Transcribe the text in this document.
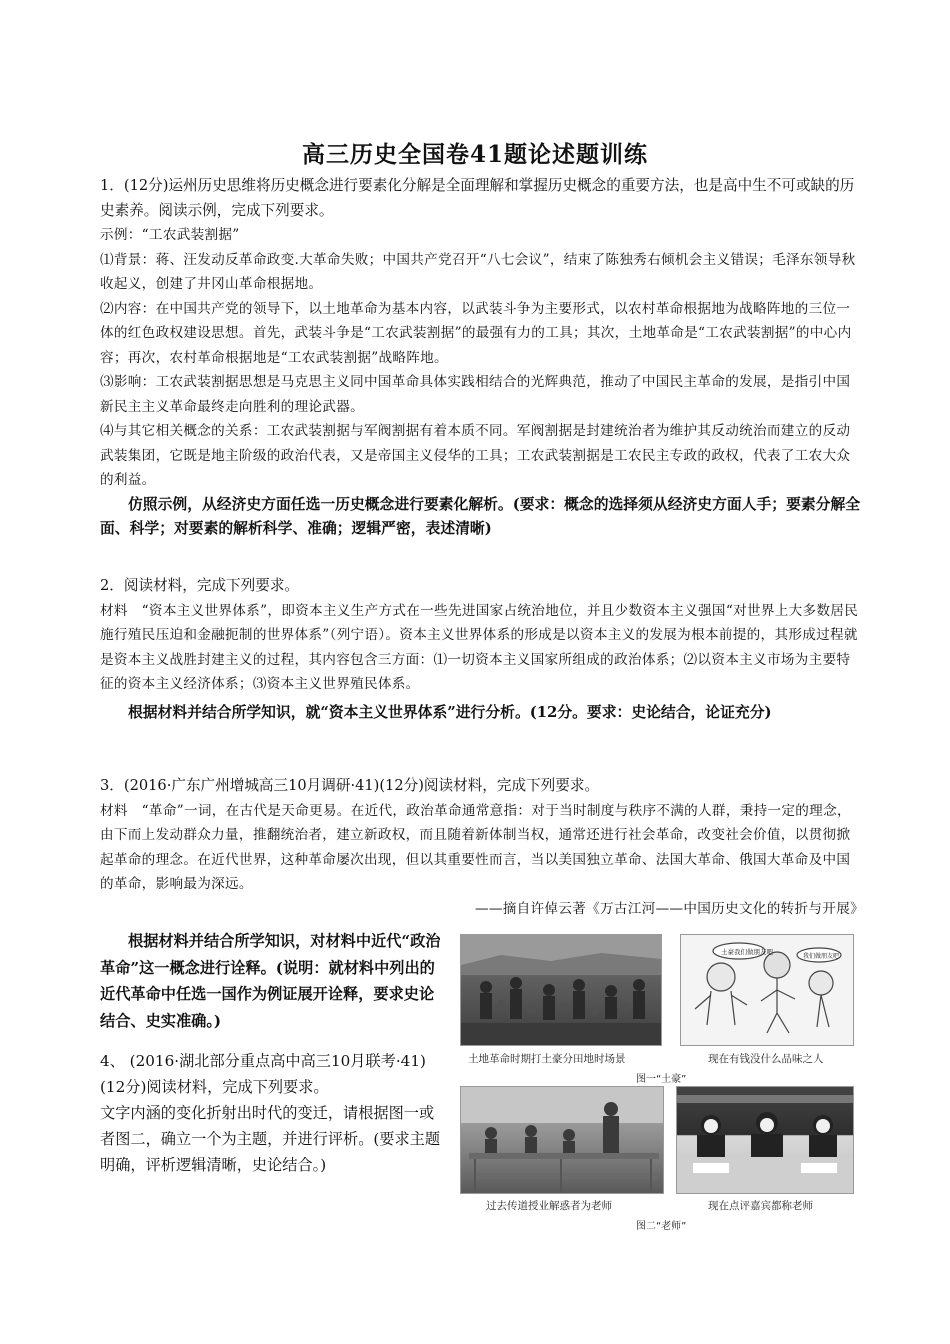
高三历史全国卷41题论述题训练

1．(12分)运州历史思维将历史概念进行要素化分解是全面理解和掌握历史概念的重要方法，也是高中生不可或缺的历史素养。阅读示例，完成下列要求。

示例：“工农武装割据”

⑴背景：蒋、汪发动反革命政变.大革命失败；中国共产党召开“八七会议”，结束了陈独秀右倾机会主义错误；毛泽东领导秋收起义，创建了井冈山革命根据地。

⑵内容：在中国共产党的领导下，以土地革命为基本内容，以武装斗争为主要形式，以农村革命根据地为战略阵地的三位一体的红色政权建设思想。首先，武装斗争是“工农武装割据”的最强有力的工具；其次，土地革命是“工农武装割据”的中心内容；再次，农村革命根据地是“工农武装割据”战略阵地。

⑶影响：工农武装割据思想是马克思主义同中国革命具体实践相结合的光辉典范，推动了中国民主革命的发展，是指引中国新民主主义革命最终走向胜利的理论武器。

⑷与其它相关概念的关系：工农武装割据与军阀割据有着本质不同。军阀割据是封建统治者为维护其反动统治而建立的反动武装集团，它既是地主阶级的政治代表，又是帝国主义侵华的工具；工农武装割据是工农民主专政的政权，代表了工农大众的利益。

仿照示例，从经济史方面任选一历史概念进行要素化解析。(要求：概念的选择须从经济史方面人手；要素分解全面、科学；对要素的解析科学、准确；逻辑严密，表述清晰)

2．阅读材料，完成下列要求。

材料　“资本主义世界体系”，即资本主义生产方式在一些先进国家占统治地位，并且少数资本主义强国“对世界上大多数居民施行殖民压迫和金融扼制的世界体系”（列宁语）。资本主义世界体系的形成是以资本主义的发展为根本前提的，其形成过程就是资本主义战胜封建主义的过程，其内容包含三方面：⑴一切资本主义国家所组成的政治体系；⑵以资本主义市场为主要特征的资本主义经济体系；⑶资本主义世界殖民体系。

根据材料并结合所学知识，就“资本主义世界体系”进行分析。(12分。要求：史论结合，论证充分)

3．(2016·广东广州增城高三10月调研·41)(12分)阅读材料，完成下列要求。

材料　“革命”一词，在古代是天命更易。在近代，政治革命通常意指：对于当时制度与秩序不满的人群，秉持一定的理念，由下而上发动群众力量，推翻统治者，建立新政权，而且随着新体制当权，通常还进行社会革命，改变社会价值，以贯彻掀起革命的理念。在近代世界，这种革命屡次出现，但以其重要性而言，当以美国独立革命、法国大革命、俄国大革命及中国的革命，影响最为深远。

——摘自许倬云著《万古江河——中国历史文化的转折与开展》

根据材料并结合所学知识，对材料中近代“政治革命”这一概念进行诠释。(说明：就材料中列出的近代革命中任选一国作为例证展开诠释，要求史论结合、史实准确。)

4、 (2016·湖北部分重点高中高三10月联考·41)(12分)阅读材料，完成下列要求。

文字内涵的变化折射出时代的变迁，请根据图一或者图二，确立一个为主题，并进行评析。(要求主题明确，评析逻辑清晰，史论结合。)

土地革命时期打土豪分田地时场景
土豪我们做朋友吧
我们做朋友吧
现在有钱没什么品味之人
图一“土豪”
过去传道授业解惑者为老师	现在点评嘉宾都称老师
图二“老师”
